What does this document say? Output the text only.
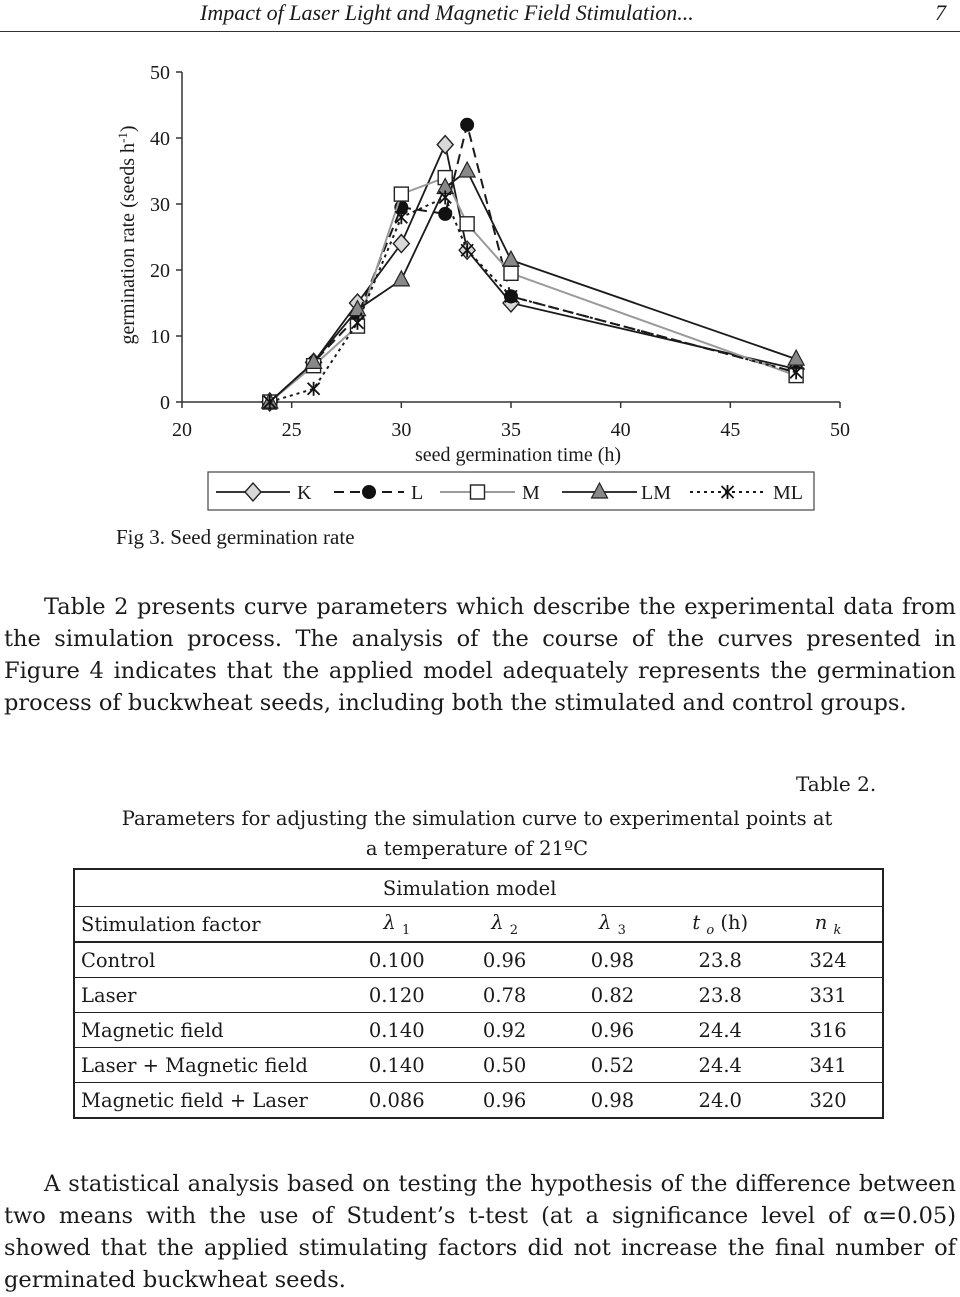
Impact of Laser Light and Magnetic Field Stimulation...	7
germination rate (seeds $h^{-1}$)
0
10
20
30
40
50
20	25	30	35	40	45	50
seed germination time (h)
K	L	M	LM	ML
Fig 3. Seed germination rate
Table 2 presents curve parameters which describe the experimental data from the simulation process. The analysis of the course of the curves presented in Figure 4 indicates that the applied model adequately represents the germination process of buckwheat seeds, including both the stimulated and control groups.
Table 2.
Parameters for adjusting the simulation curve to experimental points at
a temperature of 21ºC
	Simulation model				
Stimulation factor	λ $_1$	λ $_2$	λ $_3$	t $_o$ (h)	n $_k$
Control	0.100	0.96	0.98	23.8	324
Laser	0.120	0.78	0.82	23.8	331
Magnetic field	0.140	0.92	0.96	24.4	316
Laser + Magnetic field	0.140	0.50	0.52	24.4	341
Magnetic field + Laser	0.086	0.96	0.98	24.0	320
A statistical analysis based on testing the hypothesis of the difference between two means with the use of Student’s t-test (at a significance level of α=0.05) showed that the applied stimulating factors did not increase the final number of germinated buckwheat seeds.
